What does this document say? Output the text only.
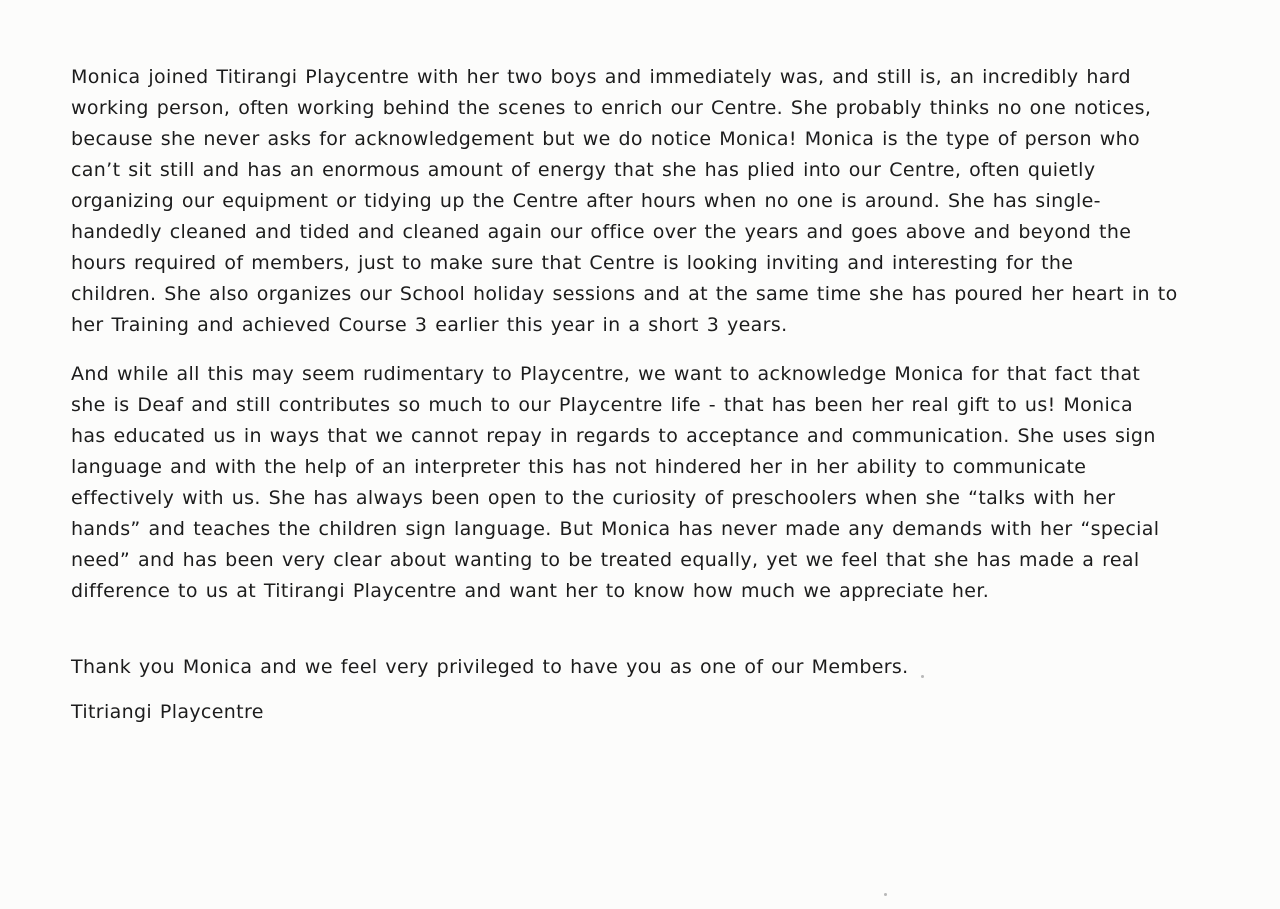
Monica joined Titirangi Playcentre with her two boys and immediately was, and still is, an incredibly hard
working person, often working behind the scenes to enrich our Centre. She probably thinks no one notices,
because she never asks for acknowledgement but we do notice Monica! Monica is the type of person who
can’t sit still and has an enormous amount of energy that she has plied into our Centre, often quietly
organizing our equipment or tidying up the Centre after hours when no one is around. She has single-
handedly cleaned and tided and cleaned again our office over the years and goes above and beyond the
hours required of members, just to make sure that Centre is looking inviting and interesting for the
children. She also organizes our School holiday sessions and at the same time she has poured her heart in to
her Training and achieved Course 3 earlier this year in a short 3 years.
And while all this may seem rudimentary to Playcentre, we want to acknowledge Monica for that fact that
she is Deaf and still contributes so much to our Playcentre life - that has been her real gift to us! Monica
has educated us in ways that we cannot repay in regards to acceptance and communication. She uses sign
language and with the help of an interpreter this has not hindered her in her ability to communicate
effectively with us. She has always been open to the curiosity of preschoolers when she “talks with her
hands” and teaches the children sign language. But Monica has never made any demands with her “special
need” and has been very clear about wanting to be treated equally, yet we feel that she has made a real
difference to us at Titirangi Playcentre and want her to know how much we appreciate her.

Thank you Monica and we feel very privileged to have you as one of our Members.

Titriangi Playcentre
